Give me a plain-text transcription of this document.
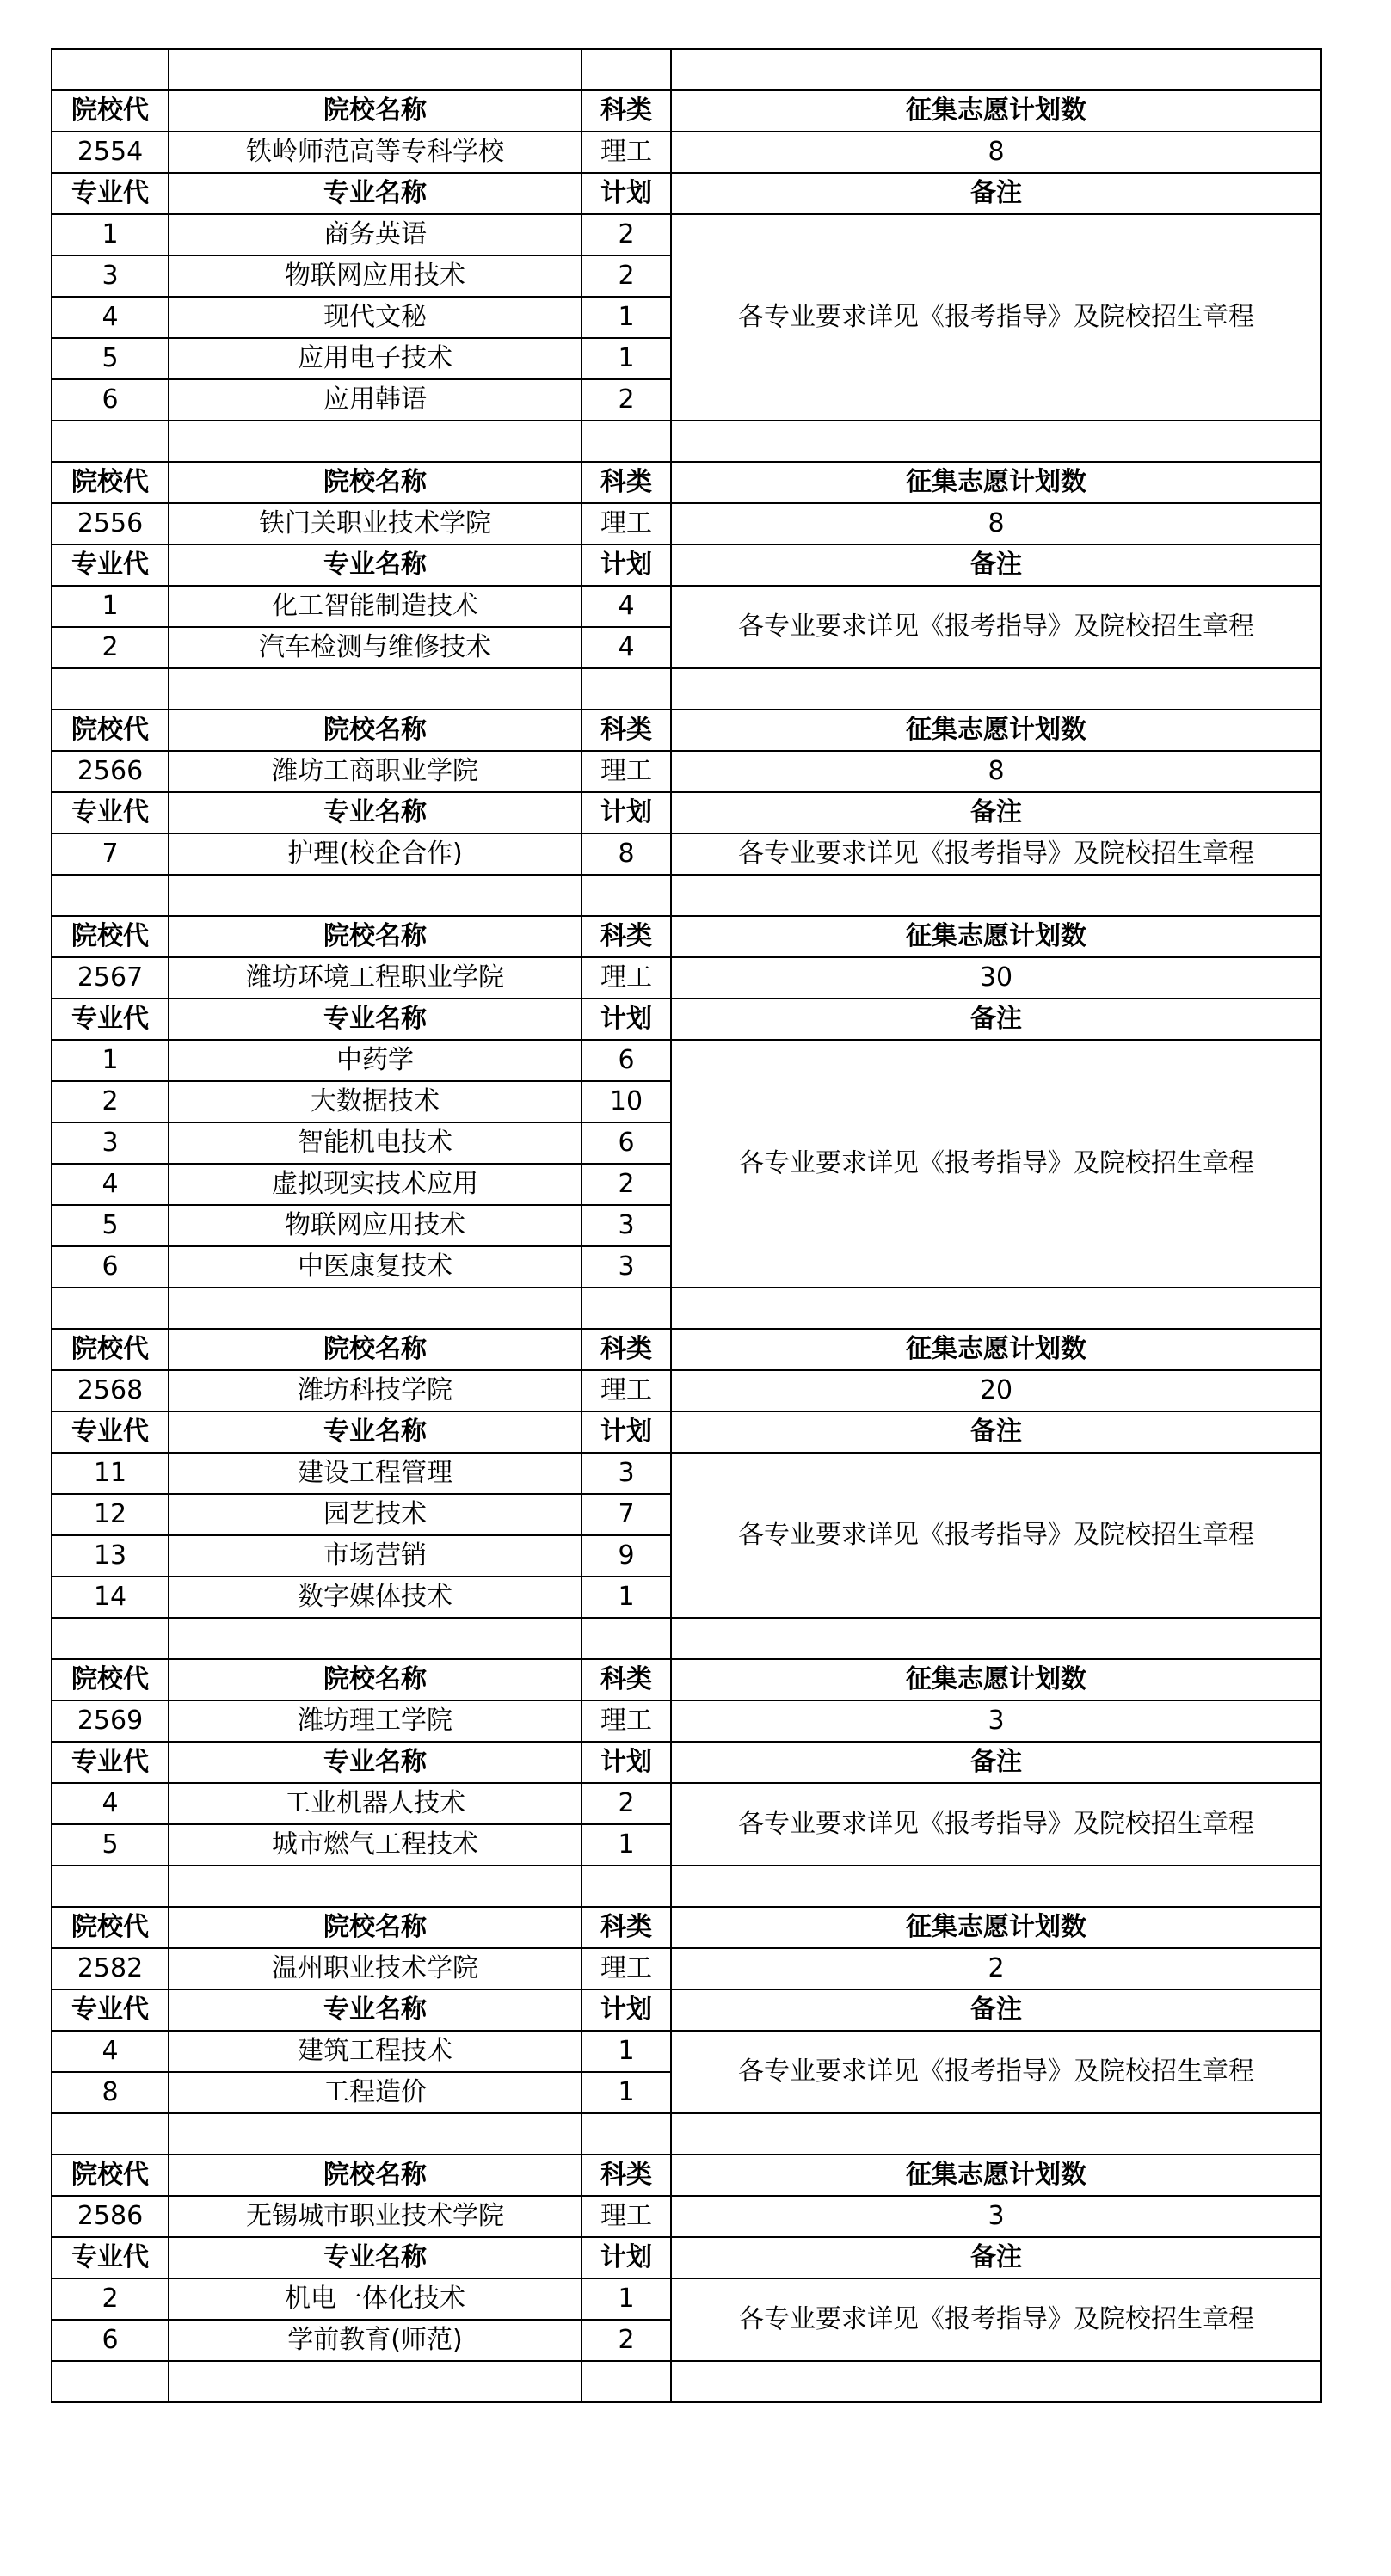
院校代	院校名称	科类	征集志愿计划数
2554	铁岭师范高等专科学校	理工	8
专业代	专业名称	计划	备注
1	商务英语	2	各专业要求详见《报考指导》及院校招生章程
3	物联网应用技术	2	
4	现代文秘	1	
5	应用电子技术	1	
6	应用韩语	2	

院校代	院校名称	科类	征集志愿计划数
2556	铁门关职业技术学院	理工	8
专业代	专业名称	计划	备注
1	化工智能制造技术	4	各专业要求详见《报考指导》及院校招生章程
2	汽车检测与维修技术	4	

院校代	院校名称	科类	征集志愿计划数
2566	潍坊工商职业学院	理工	8
专业代	专业名称	计划	备注
7	护理(校企合作)	8	各专业要求详见《报考指导》及院校招生章程

院校代	院校名称	科类	征集志愿计划数
2567	潍坊环境工程职业学院	理工	30
专业代	专业名称	计划	备注
1	中药学	6	各专业要求详见《报考指导》及院校招生章程
2	大数据技术	10	
3	智能机电技术	6	
4	虚拟现实技术应用	2	
5	物联网应用技术	3	
6	中医康复技术	3	

院校代	院校名称	科类	征集志愿计划数
2568	潍坊科技学院	理工	20
专业代	专业名称	计划	备注
11	建设工程管理	3	各专业要求详见《报考指导》及院校招生章程
12	园艺技术	7	
13	市场营销	9	
14	数字媒体技术	1	

院校代	院校名称	科类	征集志愿计划数
2569	潍坊理工学院	理工	3
专业代	专业名称	计划	备注
4	工业机器人技术	2	各专业要求详见《报考指导》及院校招生章程
5	城市燃气工程技术	1	

院校代	院校名称	科类	征集志愿计划数
2582	温州职业技术学院	理工	2
专业代	专业名称	计划	备注
4	建筑工程技术	1	各专业要求详见《报考指导》及院校招生章程
8	工程造价	1	

院校代	院校名称	科类	征集志愿计划数
2586	无锡城市职业技术学院	理工	3
专业代	专业名称	计划	备注
2	机电一体化技术	1	各专业要求详见《报考指导》及院校招生章程
6	学前教育(师范)	2	
